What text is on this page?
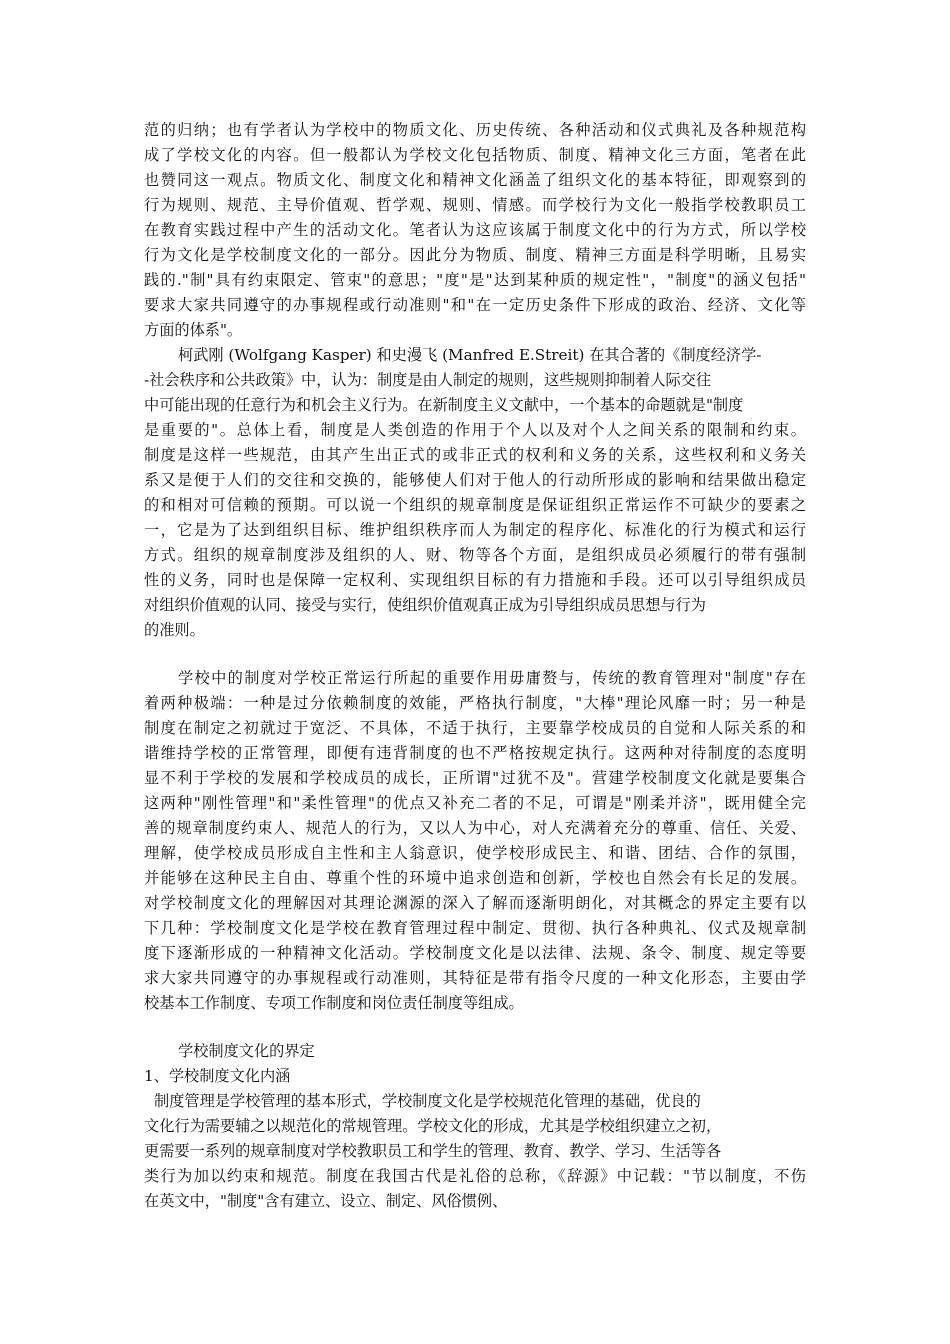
范的归纳；也有学者认为学校中的物质文化、历史传统、各种活动和仪式典礼及各种规范构
成了学校文化的内容。但一般都认为学校文化包括物质、制度、精神文化三方面，笔者在此
也赞同这一观点。物质文化、制度文化和精神文化涵盖了组织文化的基本特征，即观察到的
行为规则、规范、主导价值观、哲学观、规则、情感。而学校行为文化一般指学校教职员工
在教育实践过程中产生的活动文化。笔者认为这应该属于制度文化中的行为方式，所以学校
行为文化是学校制度文化的一部分。因此分为物质、制度、精神三方面是科学明晰，且易实
践的."制"具有约束限定、管束"的意思；"度"是"达到某种质的规定性"，"制度"的涵义包括"
要求大家共同遵守的办事规程或行动准则"和"在一定历史条件下形成的政治、经济、文化等
方面的体系"。
柯武刚 (Wolfgang Kasper) 和史漫飞 (Manfred E.Streit) 在其合著的《制度经济学-
-社会秩序和公共政策》中，认为：制度是由人制定的规则，这些规则抑制着人际交往
中可能出现的任意行为和机会主义行为。在新制度主义文献中，一个基本的命题就是"制度
是重要的"。总体上看，制度是人类创造的作用于个人以及对个人之间关系的限制和约束。
制度是这样一些规范，由其产生出正式的或非正式的权利和义务的关系，这些权利和义务关
系又是便于人们的交往和交换的，能够使人们对于他人的行动所形成的影响和结果做出稳定
的和相对可信赖的预期。可以说一个组织的规章制度是保证组织正常运作不可缺少的要素之
一，它是为了达到组织目标、维护组织秩序而人为制定的程序化、标准化的行为模式和运行
方式。组织的规章制度涉及组织的人、财、物等各个方面，是组织成员必须履行的带有强制
性的义务，同时也是保障一定权利、实现组织目标的有力措施和手段。还可以引导组织成员
对组织价值观的认同、接受与实行，使组织价值观真正成为引导组织成员思想与行为
的准则。
学校中的制度对学校正常运行所起的重要作用毋庸赘与，传统的教育管理对"制度"存在
着两种极端：一种是过分依赖制度的效能，严格执行制度，"大棒"理论风靡一时；另一种是
制度在制定之初就过于宽泛、不具体，不适于执行，主要靠学校成员的自觉和人际关系的和
谐维持学校的正常管理，即便有违背制度的也不严格按规定执行。这两种对待制度的态度明
显不利于学校的发展和学校成员的成长，正所谓"过犹不及"。营建学校制度文化就是要集合
这两种"刚性管理"和"柔性管理"的优点又补充二者的不足，可谓是"刚柔并济"，既用健全完
善的规章制度约束人、规范人的行为，又以人为中心，对人充满着充分的尊重、信任、关爱、
理解，使学校成员形成自主性和主人翁意识，使学校形成民主、和谐、团结、合作的氛围，
并能够在这种民主自由、尊重个性的环境中追求创造和创新，学校也自然会有长足的发展。
对学校制度文化的理解因对其理论渊源的深入了解而逐渐明朗化，对其概念的界定主要有以
下几种：学校制度文化是学校在教育管理过程中制定、贯彻、执行各种典礼、仪式及规章制
度下逐渐形成的一种精神文化活动。学校制度文化是以法律、法规、条令、制度、规定等要
求大家共同遵守的办事规程或行动准则，其特征是带有指令尺度的一种文化形态，主要由学
校基本工作制度、专项工作制度和岗位责任制度等组成。
学校制度文化的界定
1、学校制度文化内涵
制度管理是学校管理的基本形式，学校制度文化是学校规范化管理的基础，优良的
文化行为需要辅之以规范化的常规管理。学校文化的形成，尤其是学校组织建立之初，
更需要一系列的规章制度对学校教职员工和学生的管理、教育、教学、学习、生活等各
类行为加以约束和规范。制度在我国古代是礼俗的总称，《辞源》中记载："节以制度，不伤
在英文中，"制度"含有建立、设立、制定、风俗惯例、
